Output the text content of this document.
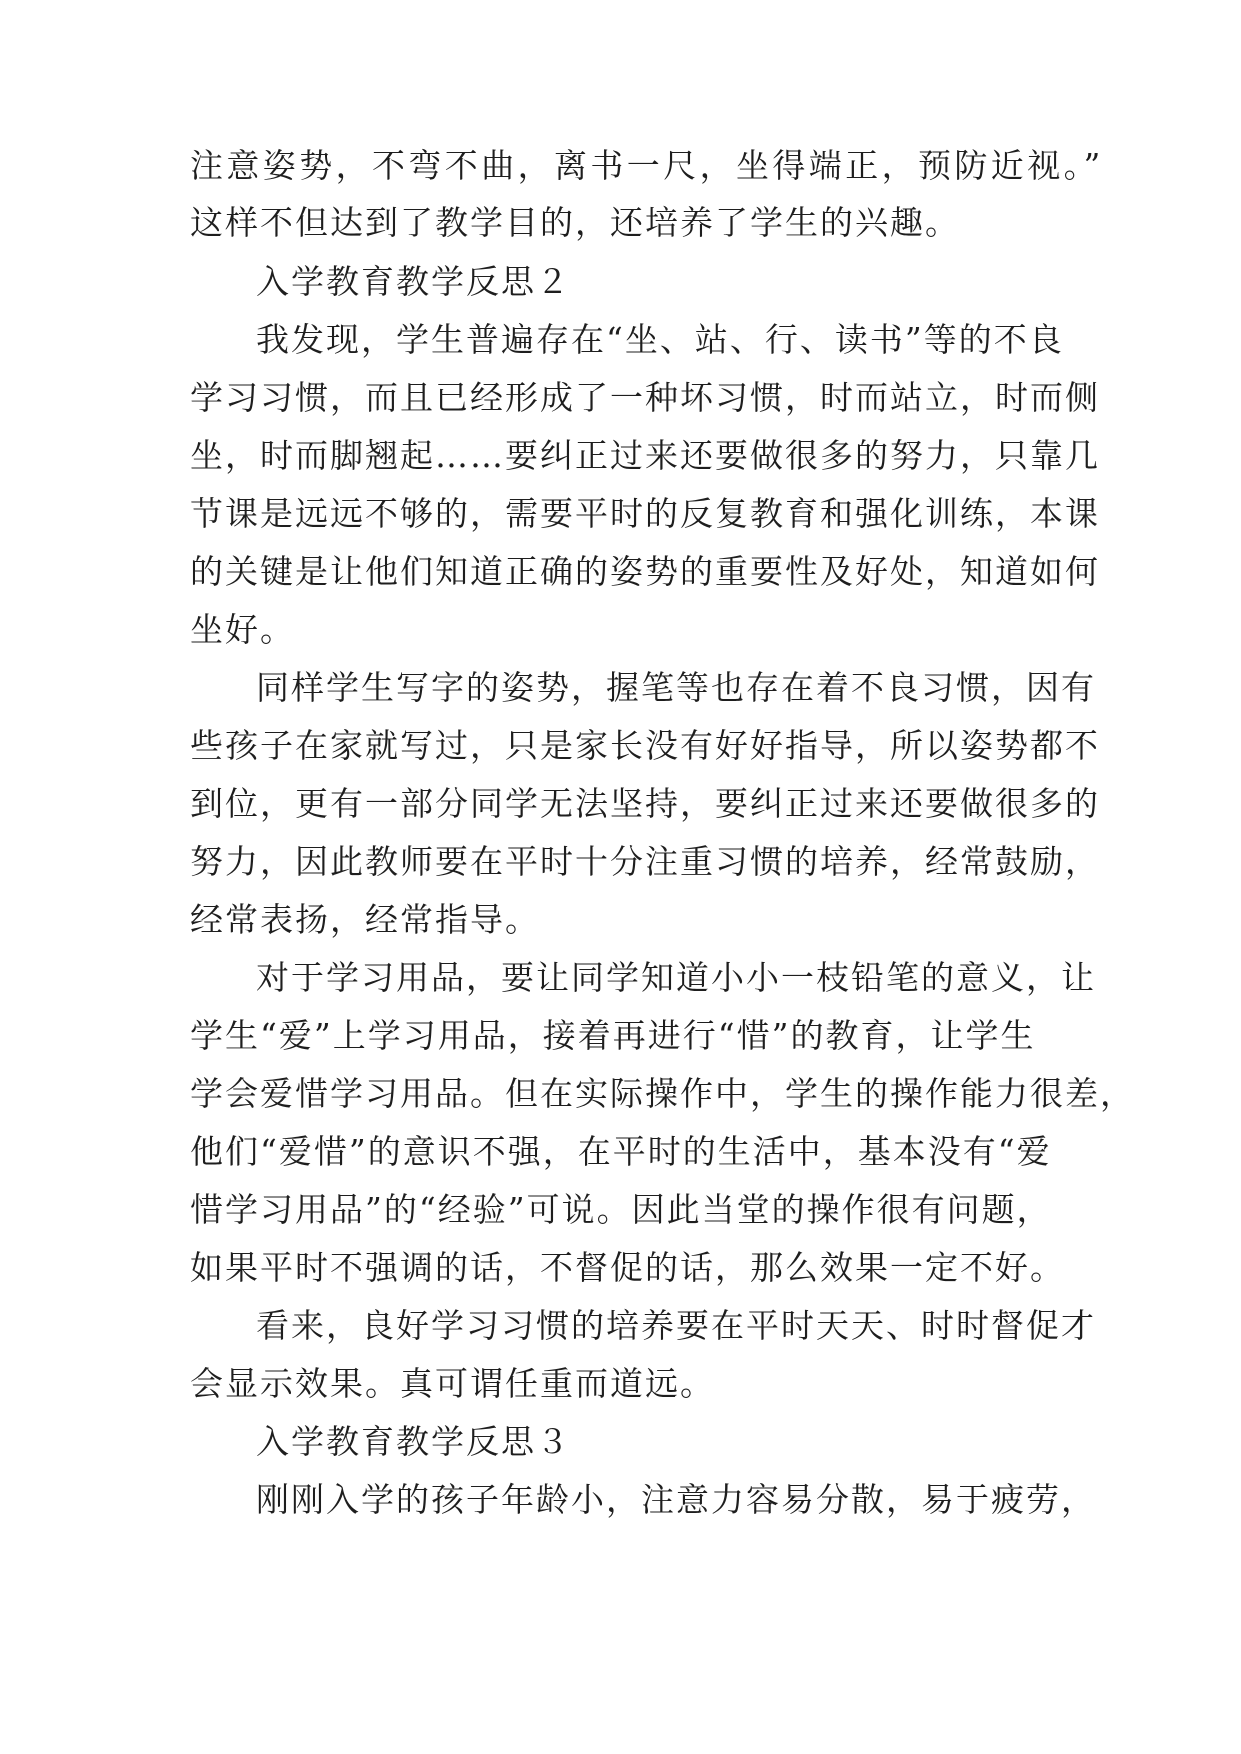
注意姿势，不弯不曲，离书一尺，坐得端正，预防近视。”
这样不但达到了教学目的，还培养了学生的兴趣。
入学教育教学反思２
我发现，学生普遍存在“坐、站、行、读书”等的不良
学习习惯，而且已经形成了一种坏习惯，时而站立，时而侧
坐，时而脚翘起……要纠正过来还要做很多的努力，只靠几
节课是远远不够的，需要平时的反复教育和强化训练，本课
的关键是让他们知道正确的姿势的重要性及好处，知道如何
坐好。
同样学生写字的姿势，握笔等也存在着不良习惯，因有
些孩子在家就写过，只是家长没有好好指导，所以姿势都不
到位，更有一部分同学无法坚持，要纠正过来还要做很多的
努力，因此教师要在平时十分注重习惯的培养，经常鼓励，
经常表扬，经常指导。
对于学习用品，要让同学知道小小一枝铅笔的意义，让
学生“爱”上学习用品，接着再进行“惜”的教育，让学生
学会爱惜学习用品。但在实际操作中，学生的操作能力很差，
他们“爱惜”的意识不强，在平时的生活中，基本没有“爱
惜学习用品”的“经验”可说。因此当堂的操作很有问题，
如果平时不强调的话，不督促的话，那么效果一定不好。
看来，良好学习习惯的培养要在平时天天、时时督促才
会显示效果。真可谓任重而道远。
入学教育教学反思３
刚刚入学的孩子年龄小，注意力容易分散，易于疲劳，
